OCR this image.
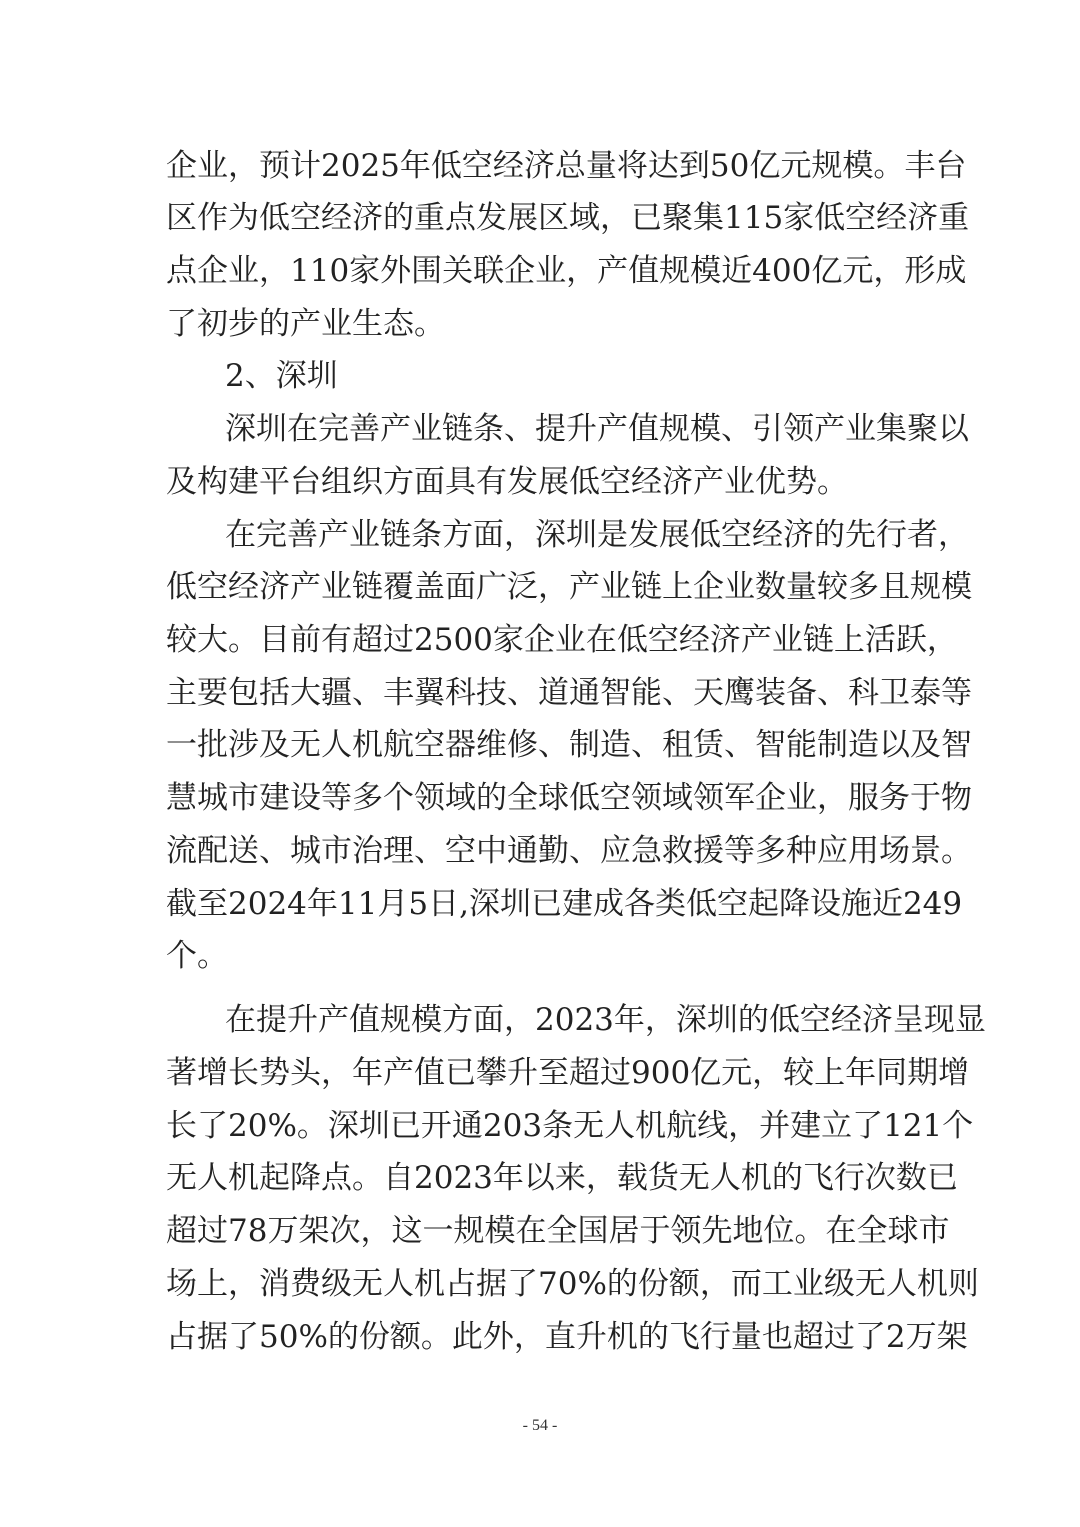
企 业 ， 预 计 2025 年 低 空 经 济 总 量 将 达 到 50 亿 元 规 模 。 丰 台
区 作 为 低 空 经 济 的 重 点 发 展 区 域 ， 已 聚 集 115 家 低 空 经 济 重
点 企 业 ， 110 家 外 围 关 联 企 业 ， 产 值 规 模 近 400 亿 元 ， 形 成
了初步的产业生态。
2、深圳
深 圳 在 完 善 产 业 链 条 、 提 升 产 值 规 模 、 引 领 产 业 集 聚 以
及构建平台组织方面具有发展低空经济产业优势。
在 完 善 产 业 链 条 方 面 ， 深 圳 是 发 展 低 空 经 济 的 先 行 者 ，
低 空 经 济 产 业 链 覆 盖 面 广 泛 ， 产 业 链 上 企 业 数 量 较 多 且 规 模
较 大 。 目 前 有 超 过 2500 家 企 业 在 低 空 经 济 产 业 链 上 活 跃 ，
主 要 包 括 大 疆 、 丰 翼 科 技 、 道 通 智 能 、 天 鹰 装 备 、 科 卫 泰 等
一 批 涉 及 无 人 机 航 空 器 维 修 、 制 造 、 租 赁 、 智 能 制 造 以 及 智
慧 城 市 建 设 等 多 个 领 域 的 全 球 低 空 领 域 领 军 企 业 ， 服 务 于 物
流 配 送 、 城 市 治 理 、 空 中 通 勤 、 应 急 救 援 等 多 种 应 用 场 景 。
截 至 2024 年 11 月 5 日 , 深 圳 已 建 成 各 类 低 空 起 降 设 施 近 249
个。
在 提 升 产 值 规 模 方 面 ， 2023 年 ， 深 圳 的 低 空 经 济 呈 现 显
著 增 长 势 头 ， 年 产 值 已 攀 升 至 超 过 900 亿 元 ， 较 上 年 同 期 增
长 了 20% 。 深 圳 已 开 通 203 条 无 人 机 航 线 ， 并 建 立 了 121 个
无 人 机 起 降 点 。 自 2023 年 以 来 ， 载 货 无 人 机 的 飞 行 次 数 已
超 过 78 万 架 次 ， 这 一 规 模 在 全 国 居 于 领 先 地 位 。 在 全 球 市
场 上 ， 消 费 级 无 人 机 占 据 了 70% 的 份 额 ， 而 工 业 级 无 人 机 则
占 据 了 50% 的 份 额 。 此 外 ， 直 升 机 的 飞 行 量 也 超 过 了 2 万 架
- 54 -
